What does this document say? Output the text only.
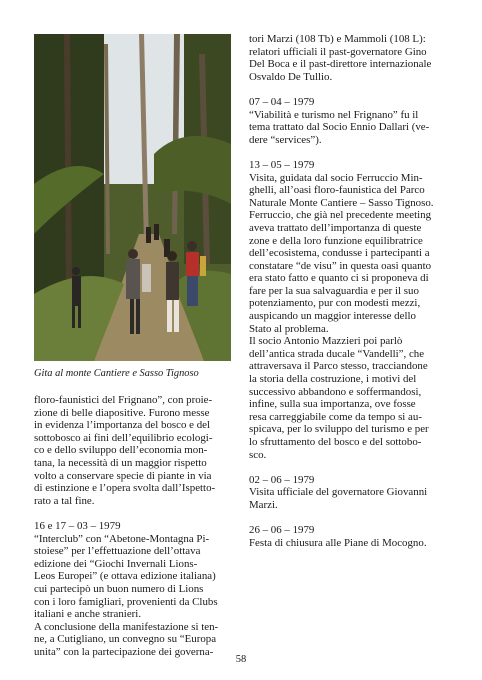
Gita al monte Cantiere e Sasso Tignoso

floro-faunistici del Frignano”, con proie-

zione di belle diapositive. Furono messe

in evidenza l’importanza del bosco e del

sottobosco ai fini dell’equilibrio ecologi-

co e dello sviluppo dell’economia mon-

tana, la necessità di un maggior rispetto

volto a conservare specie di piante in via

di estinzione e l’opera svolta dall’Ispetto-

rato a tal fine.

16 e 17 – 03 – 1979

“Interclub” con “Abetone-Montagna Pi-

stoiese” per l’effettuazione dell’ottava

edizione dei “Giochi Invernali Lions-

Leos Europei” (e ottava edizione italiana)

cui partecipò un buon numero di Lions

con i loro famigliari, provenienti da Clubs

italiani e anche stranieri.

A conclusione della manifestazione si ten-

ne, a Cutigliano, un convegno su “Europa

unita” con la partecipazione dei governa-

tori Marzi (108 Tb) e Mammoli (108 L):

relatori ufficiali il past-governatore Gino

Del Boca e il past-direttore internazionale

Osvaldo De Tullio.

07 – 04 – 1979

“Viabilità e turismo nel Frignano” fu il

tema trattato dal Socio Ennio Dallari (ve-

dere “services”).

13 – 05 – 1979

Visita, guidata dal socio Ferruccio Min-

ghelli, all’oasi floro-faunistica del Parco

Naturale Monte Cantiere – Sasso Tignoso.

Ferruccio, che già nel precedente meeting

aveva trattato dell’importanza di queste

zone e della loro funzione equilibratrice

dell’ecosistema, condusse i partecipanti a

constatare “de visu” in questa oasi quanto

era stato fatto e quanto ci si proponeva di

fare per la sua salvaguardia e per il suo

potenziamento, pur con modesti mezzi,

auspicando un maggior interesse dello

Stato al problema.

Il socio Antonio Mazzieri poi parlò

dell’antica strada ducale “Vandelli”, che

attraversava il Parco stesso, tracciandone

la storia della costruzione, i motivi del

successivo abbandono e soffermandosi,

infine, sulla sua importanza, ove fosse

resa carreggiabile come da tempo si au-

spicava, per lo sviluppo del turismo e per

lo sfruttamento del bosco e del sottobo-

sco.

02 – 06 – 1979

Visita ufficiale del governatore Giovanni

Marzi.

26 – 06 – 1979

Festa di chiusura alle Piane di Mocogno.

58
